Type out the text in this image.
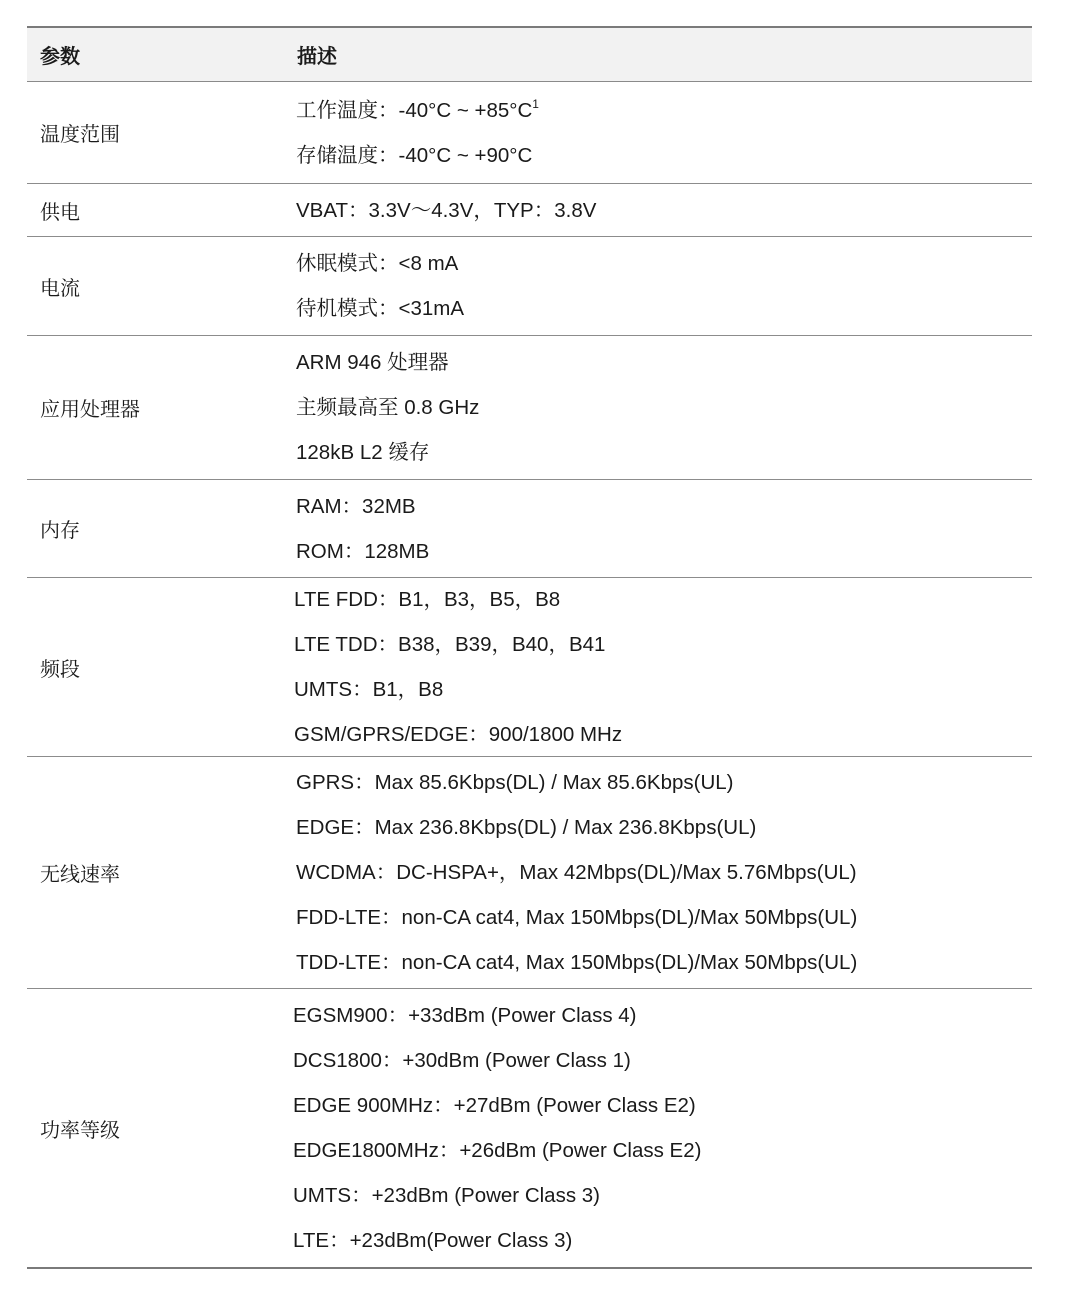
参数	描述
温度范围
工作温度：-40°C ~ $+85^\circ C^1$
存储温度：-40°C ~ +90°C
供电	VBAT：3.3V～4.3V，TYP：3.8V
电流
休眠模式：<8 mA
待机模式：<31mA
应用处理器
ARM 946 处理器
主频最高至 0.8 GHz
128kB L2 缓存
内存
RAM：32MB
ROM：128MB
频段
LTE FDD：B1，B3，B5，B8
LTE TDD：B38，B39，B40，B41
UMTS：B1，B8
GSM/GPRS/EDGE：900/1800 MHz
无线速率
GPRS：Max 85.6Kbps(DL) / Max 85.6Kbps(UL)
EDGE：Max 236.8Kbps(DL) / Max 236.8Kbps(UL)
WCDMA：DC-HSPA+，Max 42Mbps(DL)/Max 5.76Mbps(UL)
FDD-LTE：non-CA cat4, Max 150Mbps(DL)/Max 50Mbps(UL)
TDD-LTE：non-CA cat4, Max 150Mbps(DL)/Max 50Mbps(UL)
功率等级
EGSM900：+33dBm (Power Class 4)
DCS1800：+30dBm (Power Class 1)
EDGE 900MHz：+27dBm (Power Class E2)
EDGE1800MHz：+26dBm (Power Class E2)
UMTS：+23dBm (Power Class 3)
LTE：+23dBm(Power Class 3)
